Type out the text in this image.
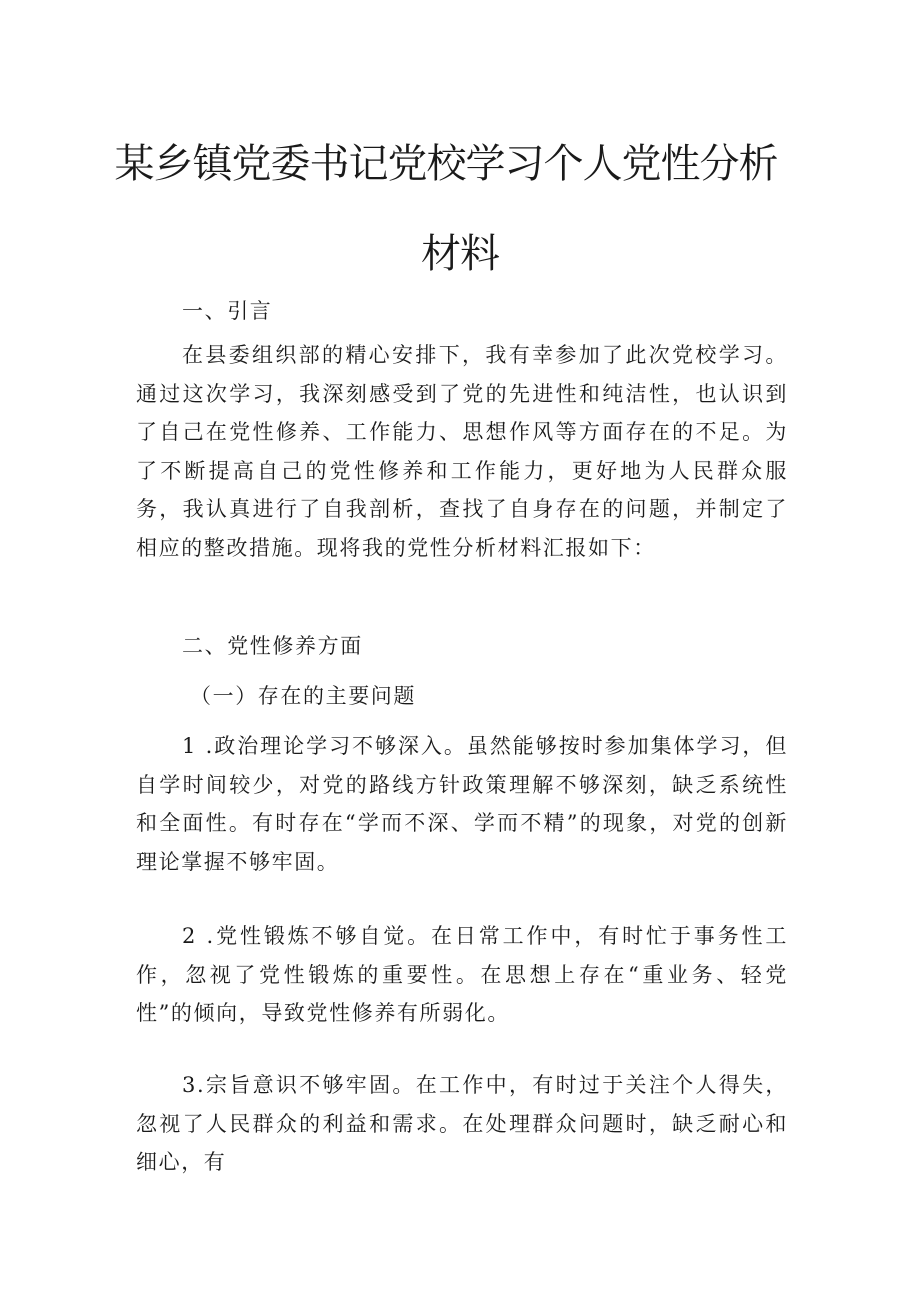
某乡镇党委书记党校学习个人党性分析
材料

一、引言

在县委组织部的精心安排下，我有幸参加了此次党校学习。通过这次学习，我深刻感受到了党的先进性和纯洁性，也认识到了自己在党性修养、工作能力、思想作风等方面存在的不足。为了不断提高自己的党性修养和工作能力，更好地为人民群众服务，我认真进行了自我剖析，查找了自身存在的问题，并制定了相应的整改措施。现将我的党性分析材料汇报如下：

二、党性修养方面

（一）存在的主要问题

1 .政治理论学习不够深入。虽然能够按时参加集体学习，但自学时间较少，对党的路线方针政策理解不够深刻，缺乏系统性和全面性。有时存在“学而不深、学而不精”的现象，对党的创新理论掌握不够牢固。

2 .党性锻炼不够自觉。在日常工作中，有时忙于事务性工作，忽视了党性锻炼的重要性。在思想上存在“重业务、轻党性”的倾向，导致党性修养有所弱化。

3.宗旨意识不够牢固。在工作中，有时过于关注个人得失，忽视了人民群众的利益和需求。在处理群众问题时，缺乏耐心和细心，有
